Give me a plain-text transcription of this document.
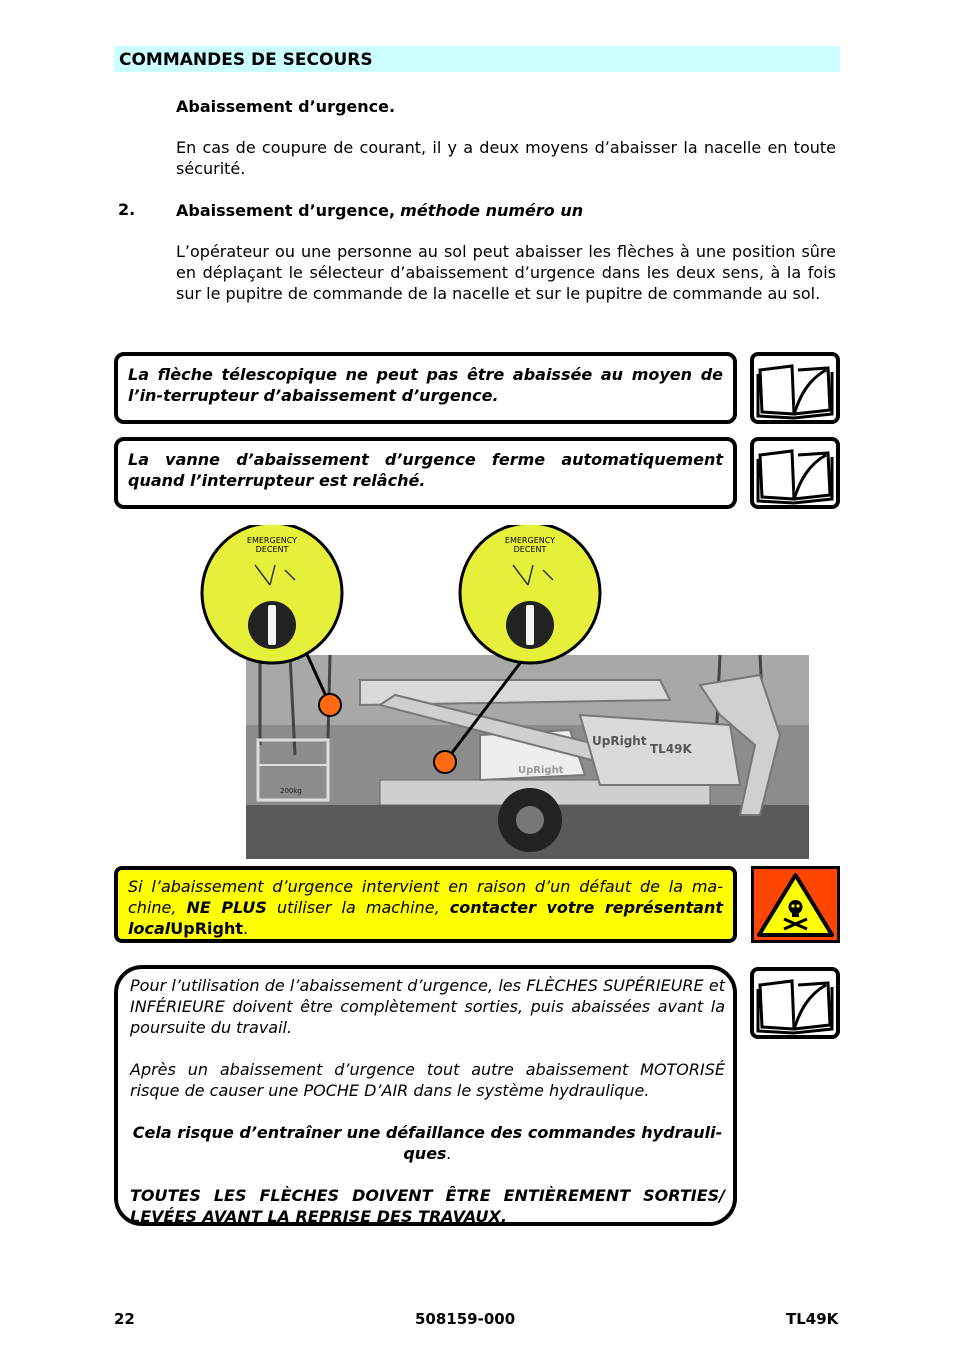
COMMANDES DE SECOURS
Abaissement d’urgence.
En cas de coupure de courant, il y a deux moyens d’abaisser la nacelle en toute sécurité.
2.	Abaissement d’urgence, méthode numéro un
L’opérateur ou une personne au sol peut abaisser les flèches à une position sûre en déplaçant le sélecteur d’abaissement d’urgence dans les deux sens, à la fois sur le pupitre de commande de la nacelle et sur le pupitre de commande au sol.
La flèche télescopique ne peut pas être abaissée au moyen de l’in-terrupteur d’abaissement d’urgence.
La vanne d’abaissement d’urgence ferme automatiquement quand l’interrupteur est relâché.
200kg
UpRight
UpRight
TL49K
EMERGENCY
DECENT
EMERGENCY
DECENT
Si l’abaissement d’urgence intervient en raison d’un défaut de la ma-chine, NE PLUS utiliser la machine, contacter votre représentant localUpRight.

Pour l’utilisation de l’abaissement d’urgence, les FLÈCHES SUPÉRIEURE et INFÉRIEURE doivent être complètement sorties, puis abaissées avant la poursuite du travail.

Après un abaissement d’urgence tout autre abaissement MOTORISÉ risque de causer une POCHE D’AIR dans le système hydraulique.

Cela risque d’entraîner une défaillance des commandes hydrauli-ques.

TOUTES LES FLÈCHES DOIVENT ÊTRE ENTIÈREMENT SORTIES/ LEVÉES AVANT LA REPRISE DES TRAVAUX.

22	508159-000	TL49K
